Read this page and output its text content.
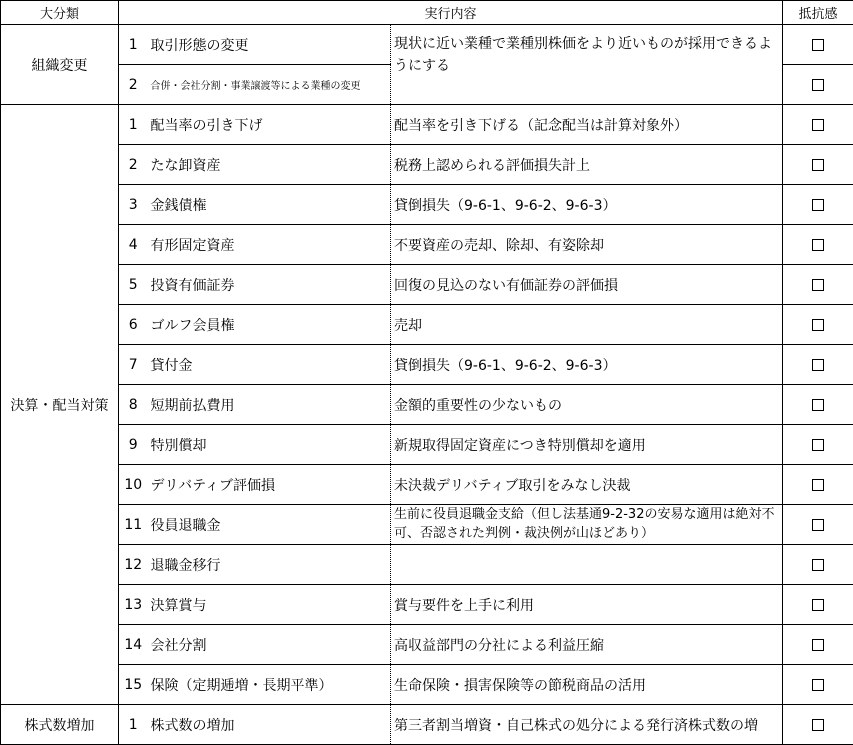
大分類	実行内容			抵抗感
組織変更	1	取引形態の変更	現状に近い業種で業種別株価をより近いものが採用できるようにする	
	2	合併・会社分割・事業譲渡等による業種の変更		
決算・配当対策	1	配当率の引き下げ	配当率を引き下げる（記念配当は計算対象外）	
	2	たな卸資産	税務上認められる評価損失計上	
	3	金銭債権	貸倒損失（9-6-1、9-6-2、9-6-3）	
	4	有形固定資産	不要資産の売却、除却、有姿除却	
	5	投資有価証券	回復の見込のない有価証券の評価損	
	6	ゴルフ会員権	売却	
	7	貸付金	貸倒損失（9-6-1、9-6-2、9-6-3）	
	8	短期前払費用	金額的重要性の少ないもの	
	9	特別償却	新規取得固定資産につき特別償却を適用	
	10	デリバティブ評価損	未決裁デリバティブ取引をみなし決裁	
	11	役員退職金	生前に役員退職金支給（但し法基通9-2-32の安易な適用は絶対不可、否認された判例・裁決例が山ほどあり）	
	12	退職金移行		
	13	決算賞与	賞与要件を上手に利用	
	14	会社分割	高収益部門の分社による利益圧縮	
	15	保険（定期逓増・長期平準）	生命保険・損害保険等の節税商品の活用	
株式数増加	1	株式数の増加	第三者割当増資・自己株式の処分による発行済株式数の増	
